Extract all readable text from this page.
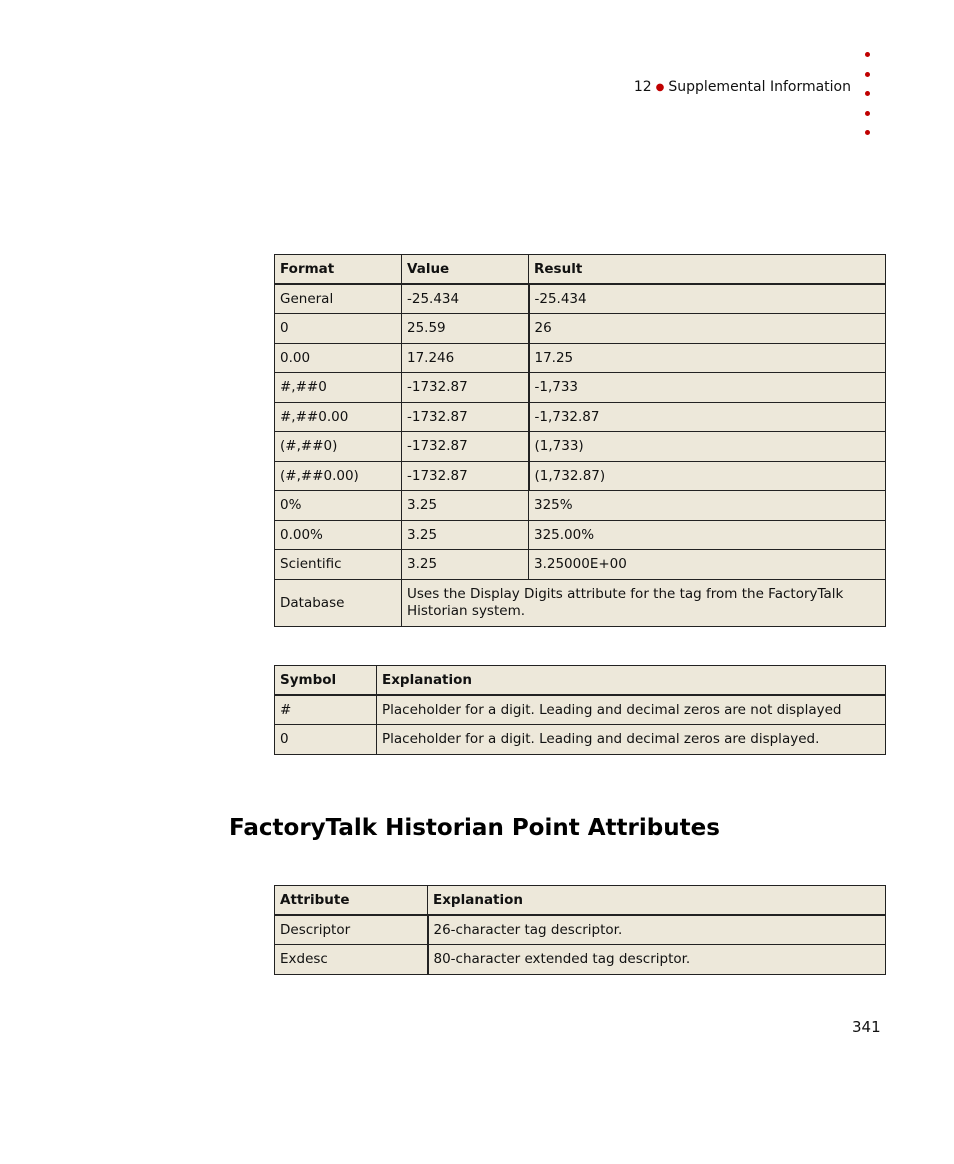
12 ● Supplemental Information
Format	Value	Result
General	-25.434	-25.434
0	25.59	26
0.00	17.246	17.25
#,##0	-1732.87	-1,733
#,##0.00	-1732.87	-1,732.87
(#,##0)	-1732.87	(1,733)
(#,##0.00)	-1732.87	(1,732.87)
0%	3.25	325%
0.00%	3.25	325.00%
Scientific	3.25	3.25000E+00
Database	Uses the Display Digits attribute for the tag from the FactoryTalk Historian system.	
Symbol	Explanation
#	Placeholder for a digit. Leading and decimal zeros are not displayed
0	Placeholder for a digit. Leading and decimal zeros are displayed.
FactoryTalk Historian Point Attributes
Attribute	Explanation
Descriptor	26-character tag descriptor.
Exdesc	80-character extended tag descriptor.
341
